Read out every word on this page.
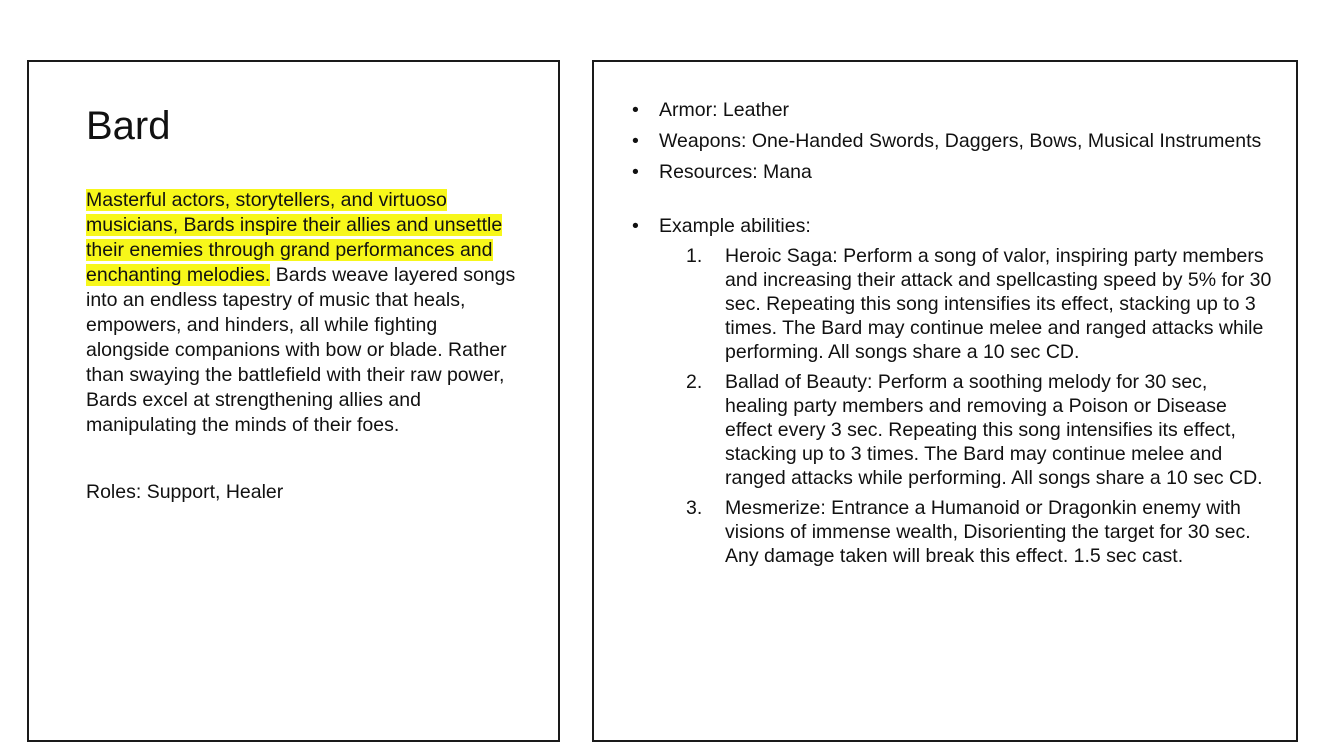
Bard

Masterful actors, storytellers, and virtuoso musicians, Bards inspire their allies and unsettle their enemies through grand performances and enchanting melodies. Bards weave layered songs into an endless tapestry of music that heals, empowers, and hinders, all while fighting alongside companions with bow or blade. Rather than swaying the battlefield with their raw power, Bards excel at strengthening allies and manipulating the minds of their foes.

Roles: Support, Healer

• Armor: Leather
• Weapons: One-Handed Swords, Daggers, Bows, Musical Instruments
• Resources: Mana
• Example abilities:
1. Heroic Saga: Perform a song of valor, inspiring party members and increasing their attack and spellcasting speed by 5% for 30 sec. Repeating this song intensifies its effect, stacking up to 3 times. The Bard may continue melee and ranged attacks while performing. All songs share a 10 sec CD.
2. Ballad of Beauty: Perform a soothing melody for 30 sec, healing party members and removing a Poison or Disease effect every 3 sec. Repeating this song intensifies its effect, stacking up to 3 times. The Bard may continue melee and ranged attacks while performing. All songs share a 10 sec CD.
3. Mesmerize: Entrance a Humanoid or Dragonkin enemy with visions of immense wealth, Disorienting the target for 30 sec. Any damage taken will break this effect. 1.5 sec cast.
